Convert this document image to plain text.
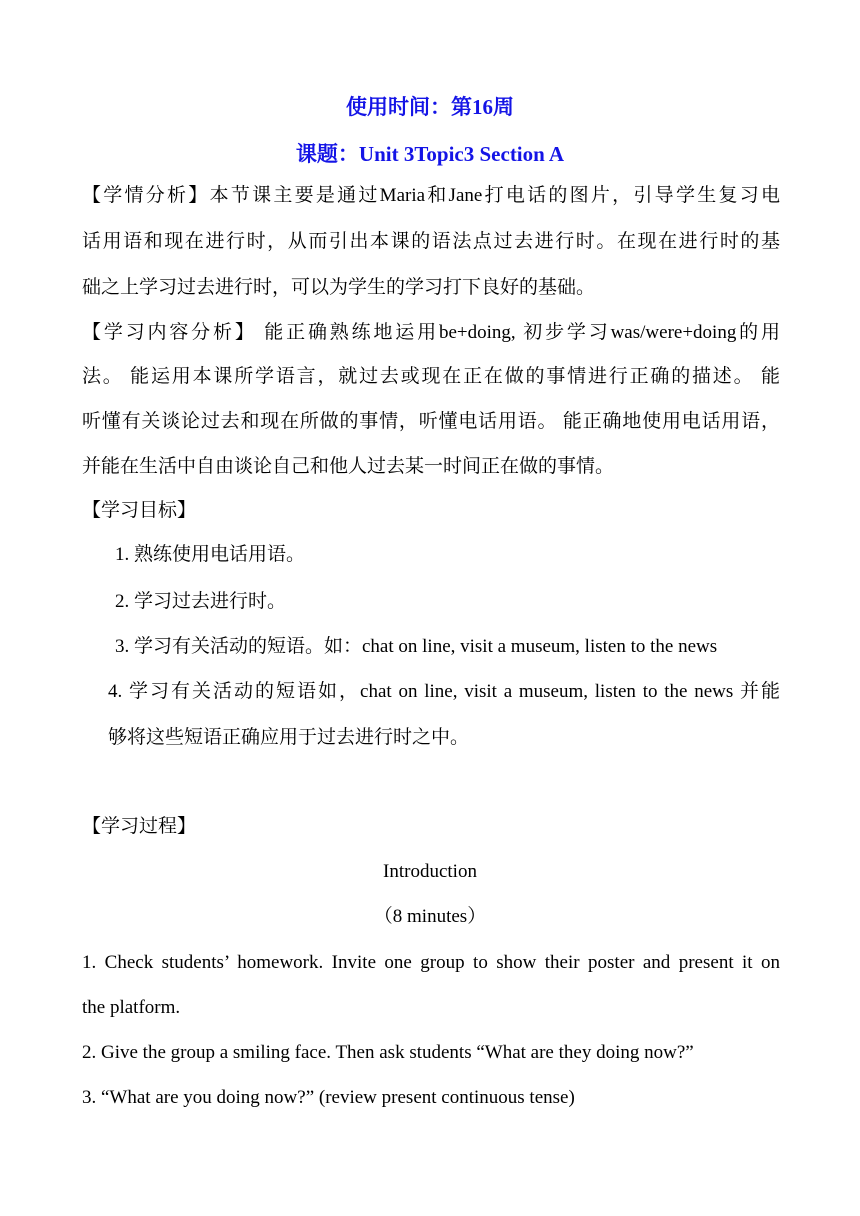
使用时间：第16周
课题：Unit 3Topic3 Section A
【学情分析】本节课主要是通过Maria和Jane打电话的图片，引导学生复习电
话用语和现在进行时，从而引出本课的语法点过去进行时。在现在进行时的基
础之上学习过去进行时，可以为学生的学习打下良好的基础。
【学习内容分析】 能正确熟练地运用be+doing, 初步学习was/were+doing的用
法。 能运用本课所学语言，就过去或现在正在做的事情进行正确的描述。 能
听懂有关谈论过去和现在所做的事情，听懂电话用语。 能正确地使用电话用语，
并能在生活中自由谈论自己和他人过去某一时间正在做的事情。
【学习目标】
1. 熟练使用电话用语。
2. 学习过去进行时。
3. 学习有关活动的短语。如：chat on line, visit a museum, listen to the news
4. 学习有关活动的短语如，chat on line, visit a museum, listen to the news 并能
够将这些短语正确应用于过去进行时之中。
【学习过程】
Introduction
（8 minutes）
1. Check students’ homework. Invite one group to show their poster and present it on
the platform.
2. Give the group a smiling face. Then ask students “What are they doing now?”
3. “What are you doing now?” (review present continuous tense)
